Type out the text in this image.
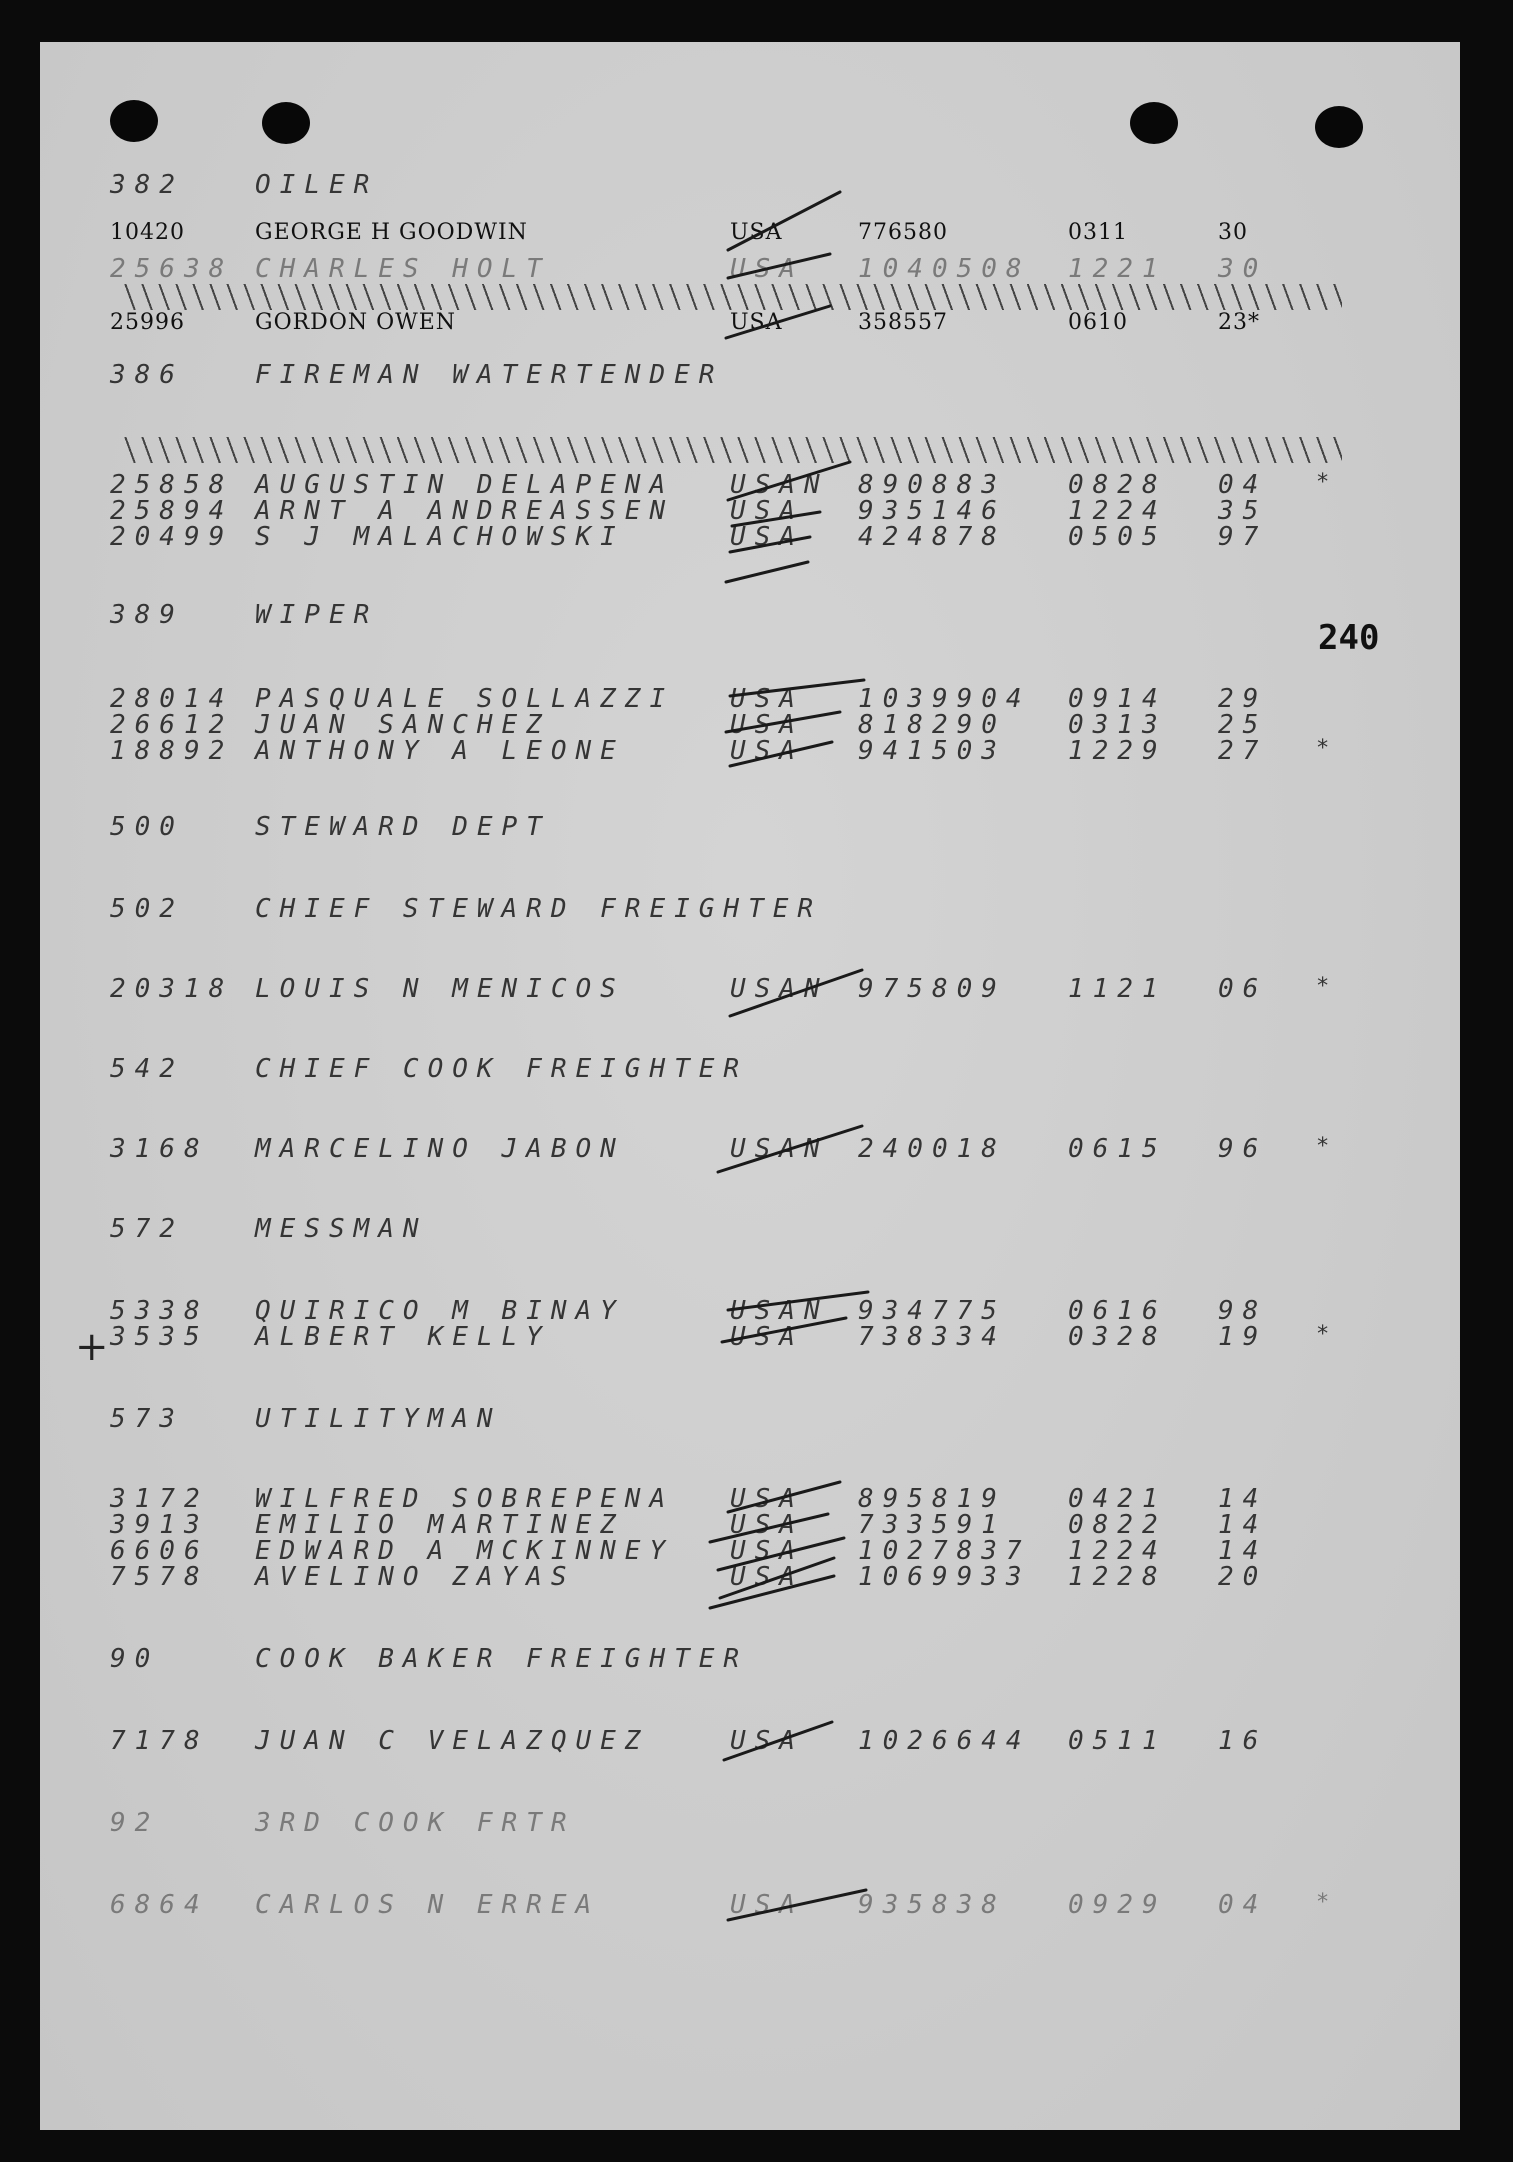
240
+

382	OILER

10420	GEORGE H GOODWIN	USA	776580	0311	30

25638 CHARLES HOLT	USA 1040508 1221 30

25996	GORDON OWEN	USA	358557	0610	23*

386	FIREMAN WATERTENDER

25858 AUGUSTIN DELAPENA USAN 890883 0828 04 *

25894 ARNT A ANDREASSEN USA 935146 1224 35

20499 S J MALACHOWSKI	USA 424878 0505 97

389	WIPER

28014 PASQUALE SOLLAZZI USA 1039904 0914 29

26612 JUAN SANCHEZ	USA 818290 0313 25

18892 ANTHONY A LEONE	USA 941503 1229 27 *

500	STEWARD DEPT

502	CHIEF STEWARD FREIGHTER

20318 LOUIS N MENICOS	USAN 975809 1121 06 *

542	CHIEF COOK FREIGHTER

3168 MARCELINO JABON	USAN 240018 0615 96 *

572	MESSMAN

5338 QUIRICO M BINAY	USAN 934775 0616 98

3535 ALBERT KELLY	USA 738334 0328 19 *

573	UTILITYMAN

3172 WILFRED SOBREPENA USA 895819 0421 14

3913 EMILIO MARTINEZ	USA 733591 0822 14

6606 EDWARD A MCKINNEY USA 1027837 1224 14

7578 AVELINO ZAYAS	USA 1069933 1228 20

90	COOK BAKER FREIGHTER

7178 JUAN C VELAZQUEZ	USA 1026644 0511 16

92	3RD COOK FRTR

6864 CARLOS N ERREA	USA 935838 0929 04 *
